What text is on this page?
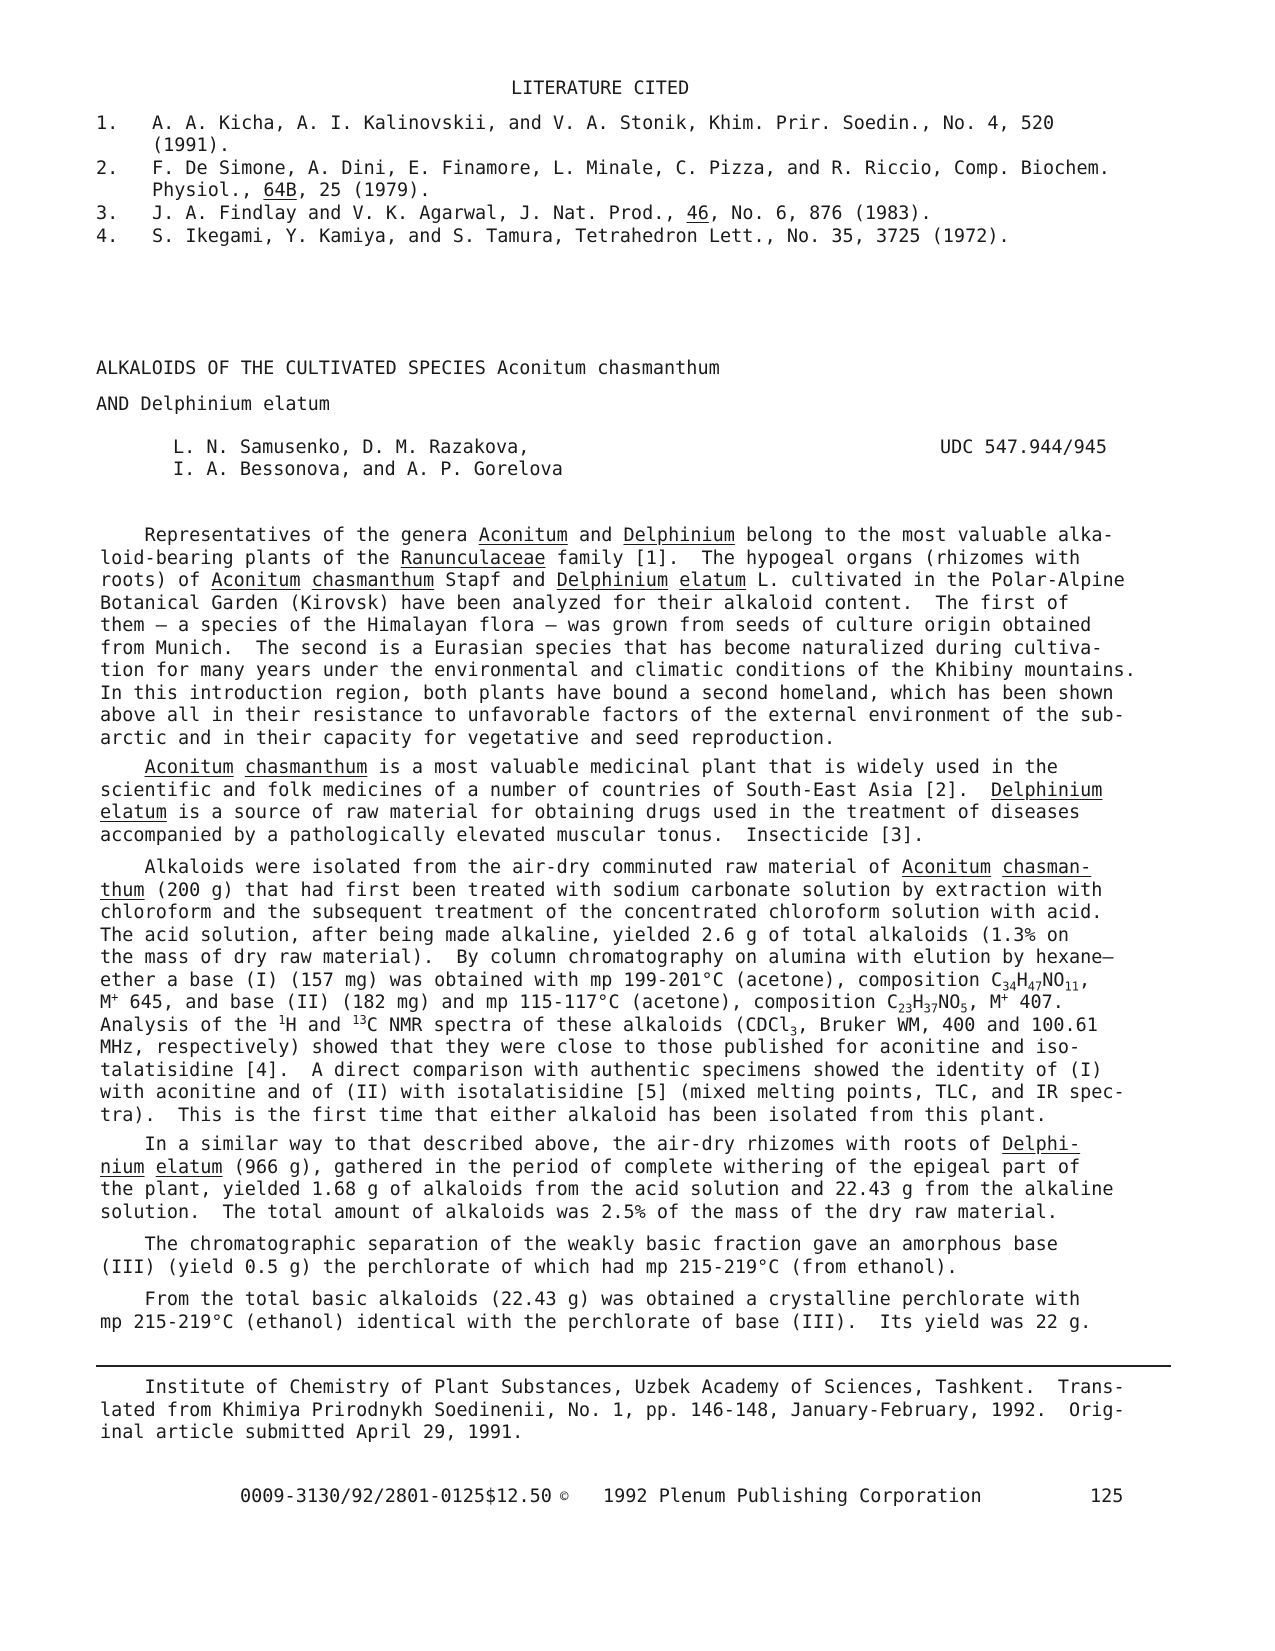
LITERATURE CITED
1. A. A. Kicha, A. I. Kalinovskii, and V. A. Stonik, Khim. Prir. Soedin., No. 4, 520
(1991).
2. F. De Simone, A. Dini, E. Finamore, L. Minale, C. Pizza, and R. Riccio, Comp. Biochem.
Physiol., 64B, 25 (1979).
3. J. A. Findlay and V. K. Agarwal, J. Nat. Prod., 46, No. 6, 876 (1983).
4. S. Ikegami, Y. Kamiya, and S. Tamura, Tetrahedron Lett., No. 35, 3725 (1972).
ALKALOIDS OF THE CULTIVATED SPECIES Aconitum chasmanthum
AND Delphinium elatum
L. N. Samusenko, D. M. Razakova,
I. A. Bessonova, and A. P. Gorelova
UDC 547.944/945
Representatives of the genera Aconitum and Delphinium belong to the most valuable alka-
loid-bearing plants of the Ranunculaceae family [1].  The hypogeal organs (rhizomes with
roots) of Aconitum chasmanthum Stapf and Delphinium elatum L. cultivated in the Polar-Alpine
Botanical Garden (Kirovsk) have been analyzed for their alkaloid content.  The first of
them – a species of the Himalayan flora – was grown from seeds of culture origin obtained
from Munich.  The second is a Eurasian species that has become naturalized during cultiva-
tion for many years under the environmental and climatic conditions of the Khibiny mountains.
In this introduction region, both plants have bound a second homeland, which has been shown
above all in their resistance to unfavorable factors of the external environment of the sub-
arctic and in their capacity for vegetative and seed reproduction.
Aconitum chasmanthum is a most valuable medicinal plant that is widely used in the
scientific and folk medicines of a number of countries of South-East Asia [2].  Delphinium
elatum is a source of raw material for obtaining drugs used in the treatment of diseases
accompanied by a pathologically elevated muscular tonus.  Insecticide [3].
Alkaloids were isolated from the air-dry comminuted raw material of Aconitum chasman-
thum (200 g) that had first been treated with sodium carbonate solution by extraction with
chloroform and the subsequent treatment of the concentrated chloroform solution with acid.
The acid solution, after being made alkaline, yielded 2.6 g of total alkaloids (1.3% on
the mass of dry raw material).  By column chromatography on alumina with elution by hexane–
ether a base (I) (157 mg) was obtained with mp 199-201°C (acetone), composition $C_{34}H_{47}NO_{11}$,
M+ 645, and base (II) (182 mg) and mp 115-117°C (acetone), composition $C_{23}H_{37}NO_5$, M+ 407.
Analysis of the $^1$H and $^{13}$C NMR spectra of these alkaloids (CDCl$_3$, Bruker WM, 400 and 100.61
MHz, respectively) showed that they were close to those published for aconitine and iso-
talatisidine [4].  A direct comparison with authentic specimens showed the identity of (I)
with aconitine and of (II) with isotalatisidine [5] (mixed melting points, TLC, and IR spec-
tra).  This is the first time that either alkaloid has been isolated from this plant.
In a similar way to that described above, the air-dry rhizomes with roots of Delphi-
nium elatum (966 g), gathered in the period of complete withering of the epigeal part of
the plant, yielded 1.68 g of alkaloids from the acid solution and 22.43 g from the alkaline
solution.  The total amount of alkaloids was 2.5% of the mass of the dry raw material.
The chromatographic separation of the weakly basic fraction gave an amorphous base
(III) (yield 0.5 g) the perchlorate of which had mp 215-219°C (from ethanol).
From the total basic alkaloids (22.43 g) was obtained a crystalline perchlorate with
mp 215-219°C (ethanol) identical with the perchlorate of base (III).  Its yield was 22 g.
Institute of Chemistry of Plant Substances, Uzbek Academy of Sciences, Tashkent.  Trans-
lated from Khimiya Prirodnykh Soedinenii, No. 1, pp. 146-148, January-February, 1992.  Orig-
inal article submitted April 29, 1991.
0009-3130/92/2801-0125$12.50 © 1992 Plenum Publishing Corporation	125
